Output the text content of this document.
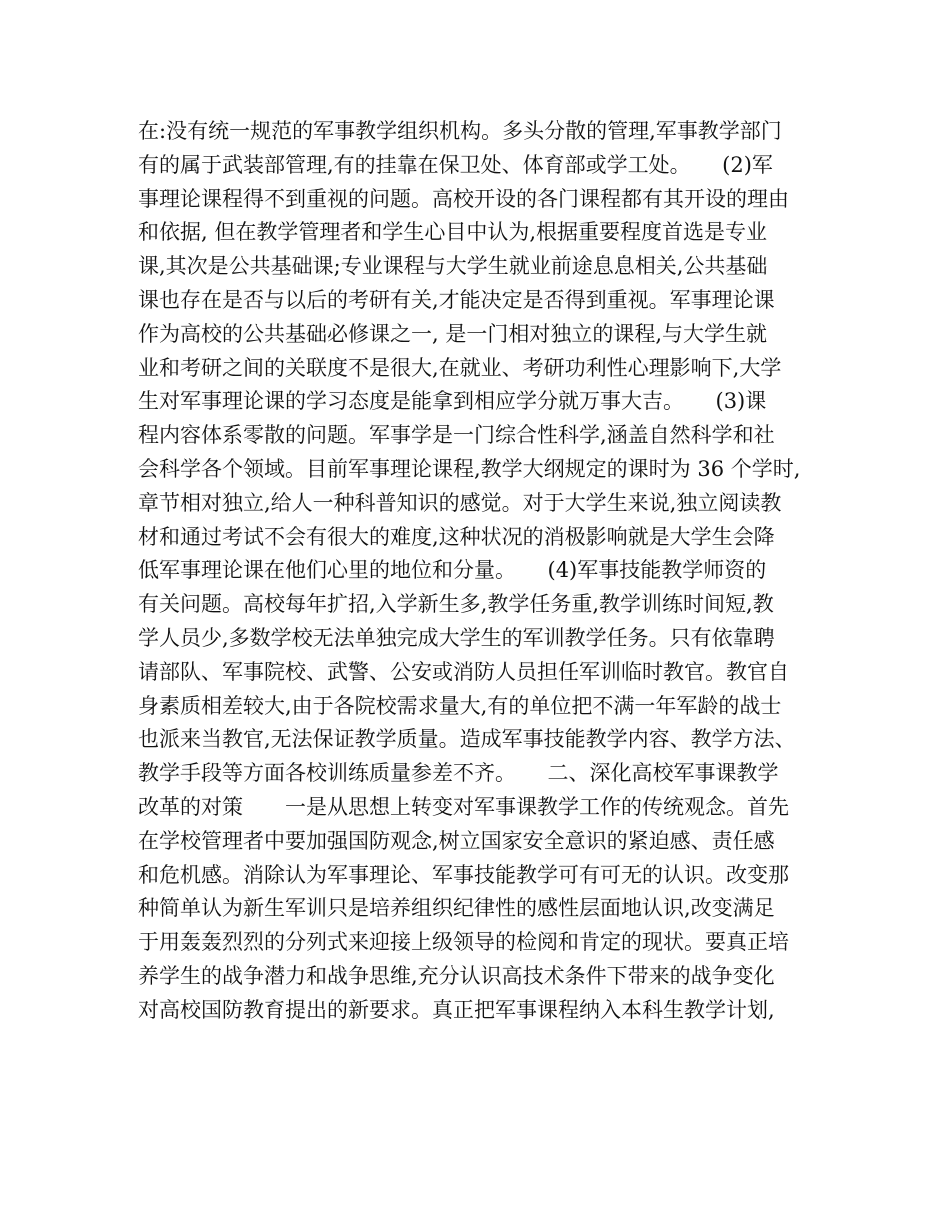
在:没有统一规范的军事教学组织机构。多头分散的管理,军事教学部门
有的属于武装部管理,有的挂靠在保卫处、体育部或学工处。　　(2)军
事理论课程得不到重视的问题。高校开设的各门课程都有其开设的理由
和依据, 但在教学管理者和学生心目中认为,根据重要程度首选是专业
课,其次是公共基础课;专业课程与大学生就业前途息息相关,公共基础
课也存在是否与以后的考研有关,才能决定是否得到重视。军事理论课
作为高校的公共基础必修课之一, 是一门相对独立的课程,与大学生就
业和考研之间的关联度不是很大,在就业、考研功利性心理影响下,大学
生对军事理论课的学习态度是能拿到相应学分就万事大吉。　　(3)课
程内容体系零散的问题。军事学是一门综合性科学,涵盖自然科学和社
会科学各个领域。目前军事理论课程,教学大纲规定的课时为 36 个学时,
章节相对独立,给人一种科普知识的感觉。对于大学生来说,独立阅读教
材和通过考试不会有很大的难度,这种状况的消极影响就是大学生会降
低军事理论课在他们心里的地位和分量。　　(4)军事技能教学师资的
有关问题。高校每年扩招,入学新生多,教学任务重,教学训练时间短,教
学人员少,多数学校无法单独完成大学生的军训教学任务。只有依靠聘
请部队、军事院校、武警、公安或消防人员担任军训临时教官。教官自
身素质相差较大,由于各院校需求量大,有的单位把不满一年军龄的战士
也派来当教官,无法保证教学质量。造成军事技能教学内容、教学方法、
教学手段等方面各校训练质量参差不齐。　　二、深化高校军事课教学
改革的对策　　一是从思想上转变对军事课教学工作的传统观念。首先
在学校管理者中要加强国防观念,树立国家安全意识的紧迫感、责任感
和危机感。消除认为军事理论、军事技能教学可有可无的认识。改变那
种简单认为新生军训只是培养组织纪律性的感性层面地认识,改变满足
于用轰轰烈烈的分列式来迎接上级领导的检阅和肯定的现状。要真正培
养学生的战争潜力和战争思维,充分认识高技术条件下带来的战争变化
对高校国防教育提出的新要求。真正把军事课程纳入本科生教学计划,
